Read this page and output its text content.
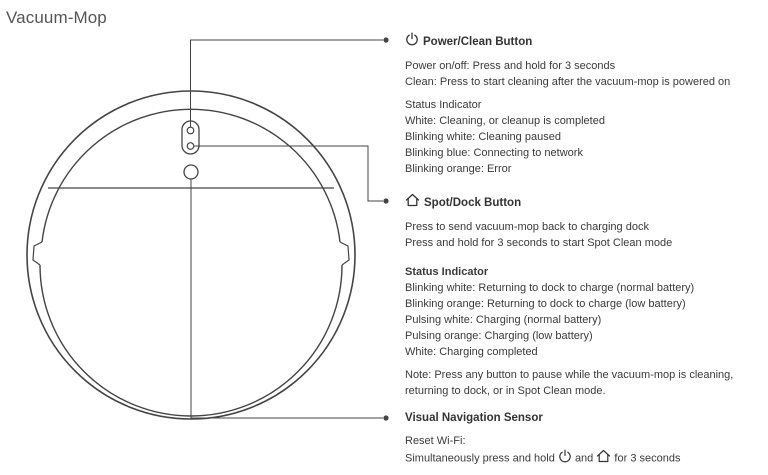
Vacuum-Mop
Power/Clean Button
Power on/off: Press and hold for 3 seconds
Clean: Press to start cleaning after the vacuum-mop is powered on
Status Indicator
White: Cleaning, or cleanup is completed
Blinking white: Cleaning paused
Blinking blue: Connecting to network
Blinking orange: Error
Spot/Dock Button
Press to send vacuum-mop back to charging dock
Press and hold for 3 seconds to start Spot Clean mode
Status Indicator
Blinking white: Returning to dock to charge (normal battery)
Blinking orange: Returning to dock to charge (low battery)
Pulsing white: Charging (normal battery)
Pulsing orange: Charging (low battery)
White: Charging completed
Note: Press any button to pause while the vacuum-mop is cleaning,
returning to dock, or in Spot Clean mode.
Visual Navigation Sensor
Reset Wi-Fi:
Simultaneously press and hold and for 3 seconds
